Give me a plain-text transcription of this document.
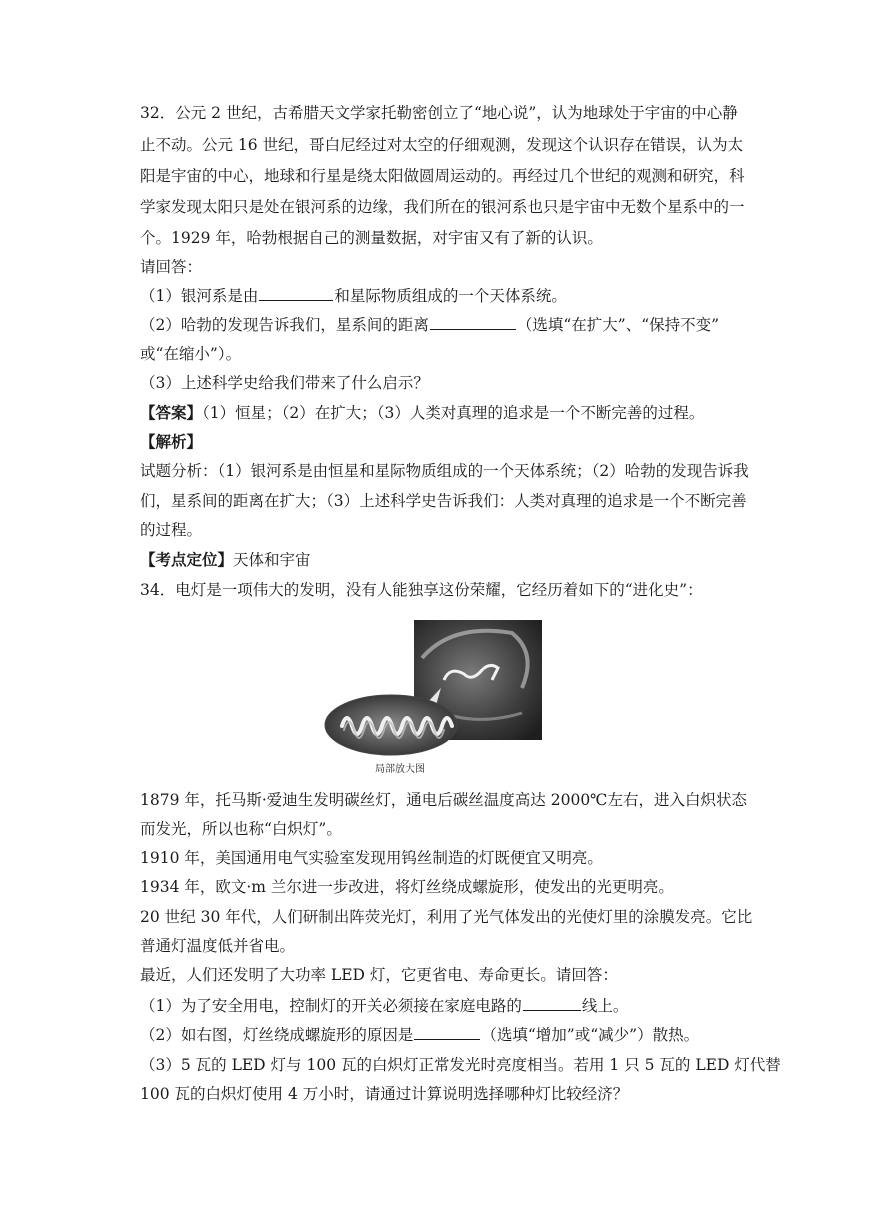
32．公元 2 世纪，古希腊天文学家托勒密创立了“地心说”，认为地球处于宇宙的中心静
止不动。公元 16 世纪，哥白尼经过对太空的仔细观测，发现这个认识存在错误，认为太
阳是宇宙的中心，地球和行星是绕太阳做圆周运动的。再经过几个世纪的观测和研究，科
学家发现太阳只是处在银河系的边缘，我们所在的银河系也只是宇宙中无数个星系中的一
个。1929 年，哈勃根据自己的测量数据，对宇宙又有了新的认识。
请回答：
（1）银河系是由	和星际物质组成的一个天体系统。
（2）哈勃的发现告诉我们，星系间的距离	（选填“在扩大”、“保持不变”
或“在缩小”）。
（3）上述科学史给我们带来了什么启示？
【答案】（1）恒星；（2）在扩大；（3）人类对真理的追求是一个不断完善的过程。
【解析】
试题分析：（1）银河系是由恒星和星际物质组成的一个天体系统；（2）哈勃的发现告诉我
们，星系间的距离在扩大；（3）上述科学史告诉我们：人类对真理的追求是一个不断完善
的过程。
【考点定位】天体和宇宙
34．电灯是一项伟大的发明，没有人能独享这份荣耀，它经历着如下的“进化史”：
局部放大图
1879 年，托马斯·爱迪生发明碳丝灯，通电后碳丝温度高达 2000℃左右，进入白炽状态
而发光，所以也称“白炽灯”。
1910 年，美国通用电气实验室发现用钨丝制造的灯既便宜又明亮。
1934 年，欧文·m 兰尔进一步改进，将灯丝绕成螺旋形，使发出的光更明亮。
20 世纪 30 年代，人们研制出阵荧光灯，利用了光气体发出的光使灯里的涂膜发亮。它比
普通灯温度低并省电。
最近，人们还发明了大功率 LED 灯，它更省电、寿命更长。请回答：
（1）为了安全用电，控制灯的开关必须接在家庭电路的	线上。
（2）如右图，灯丝绕成螺旋形的原因是	（选填“增加”或“减少”）散热。
（3）5 瓦的 LED 灯与 100 瓦的白炽灯正常发光时亮度相当。若用 1 只 5 瓦的 LED 灯代替
100 瓦的白炽灯使用 4 万小时，请通过计算说明选择哪种灯比较经济？
